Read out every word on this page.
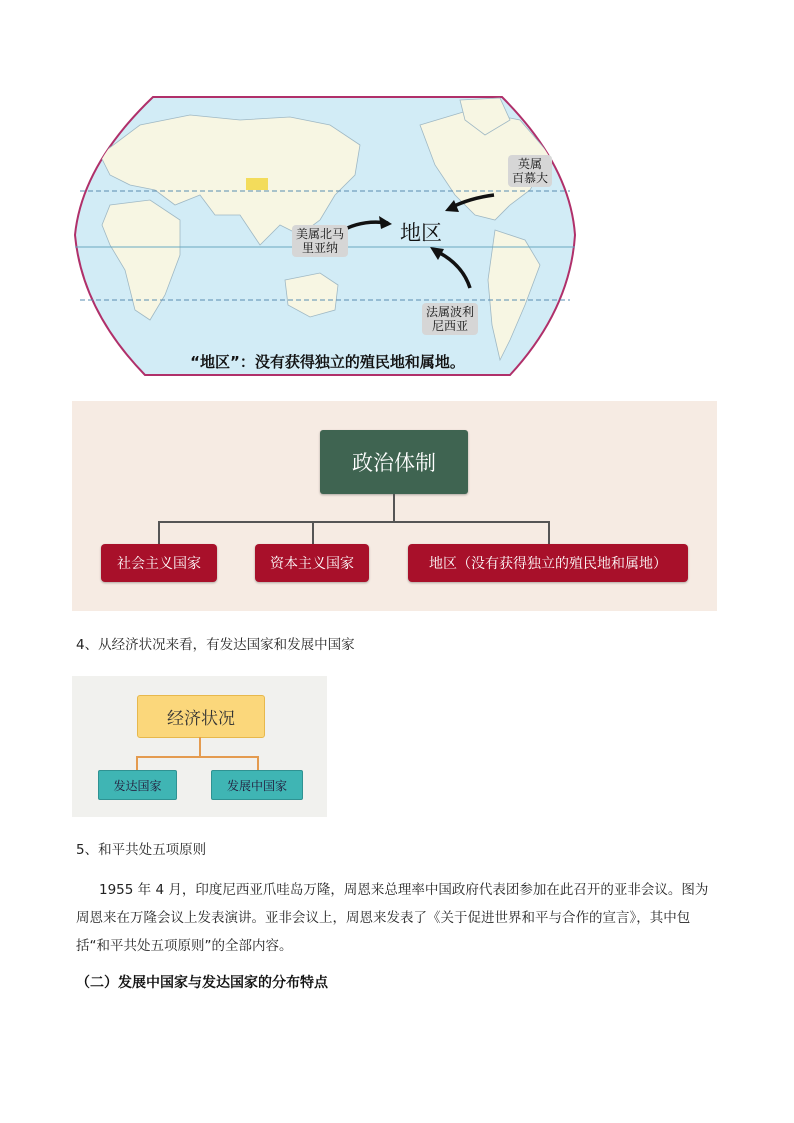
英属
百慕大
美属北马
里亚纳
法属波利
尼西亚
地区
“地区”：没有获得独立的殖民地和属地。
政治体制
社会主义国家	资本主义国家	地区（没有获得独立的殖民地和属地）
4、从经济状况来看，有发达国家和发展中国家
经济状况
发达国家	发展中国家
5、和平共处五项原则
1955 年 4 月，印度尼西亚爪哇岛万隆，周恩来总理率中国政府代表团参加在此召开的亚非会议。图为
周恩来在万隆会议上发表演讲。亚非会议上，周恩来发表了《关于促进世界和平与合作的宣言》，其中包
括“和平共处五项原则”的全部内容。
（二）发展中国家与发达国家的分布特点
